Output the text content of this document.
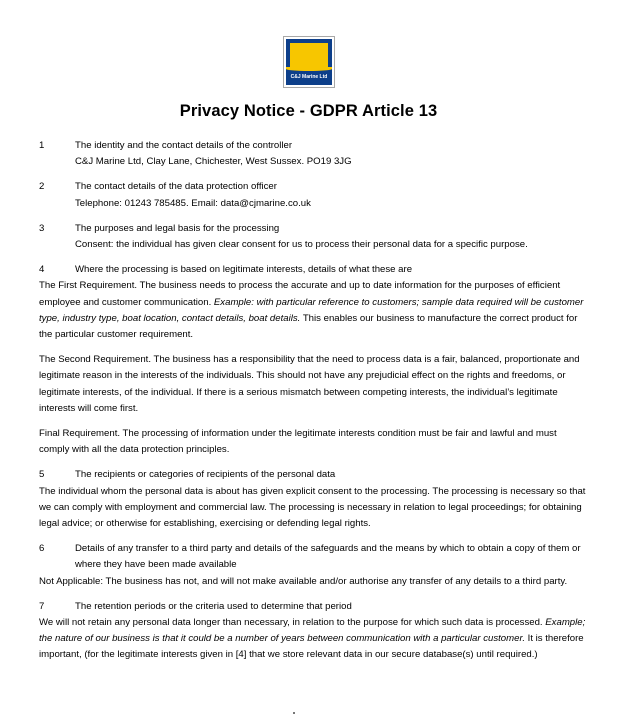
C&J Marine Ltd
Privacy Notice - GDPR Article 13
1	The identity and the contact details of the controller
C&J Marine Ltd, Clay Lane, Chichester, West Sussex. PO19 3JG
2	The contact details of the data protection officer
Telephone: 01243 785485. Email: data@cjmarine.co.uk
3	The purposes and legal basis for the processing
Consent: the individual has given clear consent for us to process their personal data for a specific purpose.
4	Where the processing is based on legitimate interests, details of what these are
The First Requirement. The business needs to process the accurate and up to date information for the purposes of efficient employee and customer communication. Example: with particular reference to customers; sample data required will be customer type, industry type, boat location, contact details, boat details. This enables our business to manufacture the correct product for the particular customer requirement.
The Second Requirement. The business has a responsibility that the need to process data is a fair, balanced, proportionate and legitimate reason in the interests of the individuals. This should not have any prejudicial effect on the rights and freedoms, or legitimate interests, of the individual. If there is a serious mismatch between competing interests, the individual’s legitimate interests will come first.
Final Requirement. The processing of information under the legitimate interests condition must be fair and lawful and must comply with all the data protection principles.
5	The recipients or categories of recipients of the personal data
The individual whom the personal data is about has given explicit consent to the processing. The processing is necessary so that we can comply with employment and commercial law. The processing is necessary in relation to legal proceedings; for obtaining legal advice; or otherwise for establishing, exercising or defending legal rights.
6	Details of any transfer to a third party and details of the safeguards and the means by which to obtain a copy of them or where they have been made available
Not Applicable: The business has not, and will not make available and/or authorise any transfer of any details to a third party.
7	The retention periods or the criteria used to determine that period
We will not retain any personal data longer than necessary, in relation to the purpose for which such data is processed. Example; the nature of our business is that it could be a number of years between communication with a particular customer. It is therefore important, (for the legitimate interests given in [4] that we store relevant data in our secure database(s) until required.)
